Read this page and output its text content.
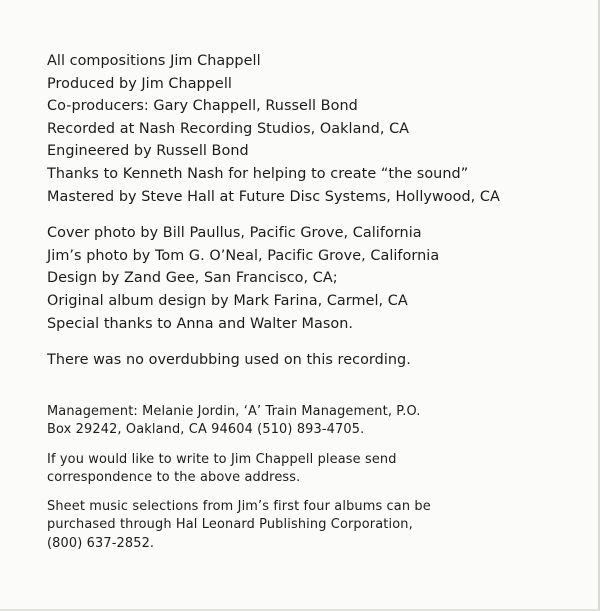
All compositions Jim Chappell
Produced by Jim Chappell
Co-producers: Gary Chappell, Russell Bond
Recorded at Nash Recording Studios, Oakland, CA
Engineered by Russell Bond
Thanks to Kenneth Nash for helping to create “the sound”
Mastered by Steve Hall at Future Disc Systems, Hollywood, CA
Cover photo by Bill Paullus, Pacific Grove, California
Jim’s photo by Tom G. O’Neal, Pacific Grove, California
Design by Zand Gee, San Francisco, CA;
Original album design by Mark Farina, Carmel, CA
Special thanks to Anna and Walter Mason.
There was no overdubbing used on this recording.
Management: Melanie Jordin, ‘A’ Train Management, P.O.
Box 29242, Oakland, CA 94604 (510) 893-4705.
If you would like to write to Jim Chappell please send
correspondence to the above address.
Sheet music selections from Jim’s first four albums can be
purchased through Hal Leonard Publishing Corporation,
(800) 637-2852.
